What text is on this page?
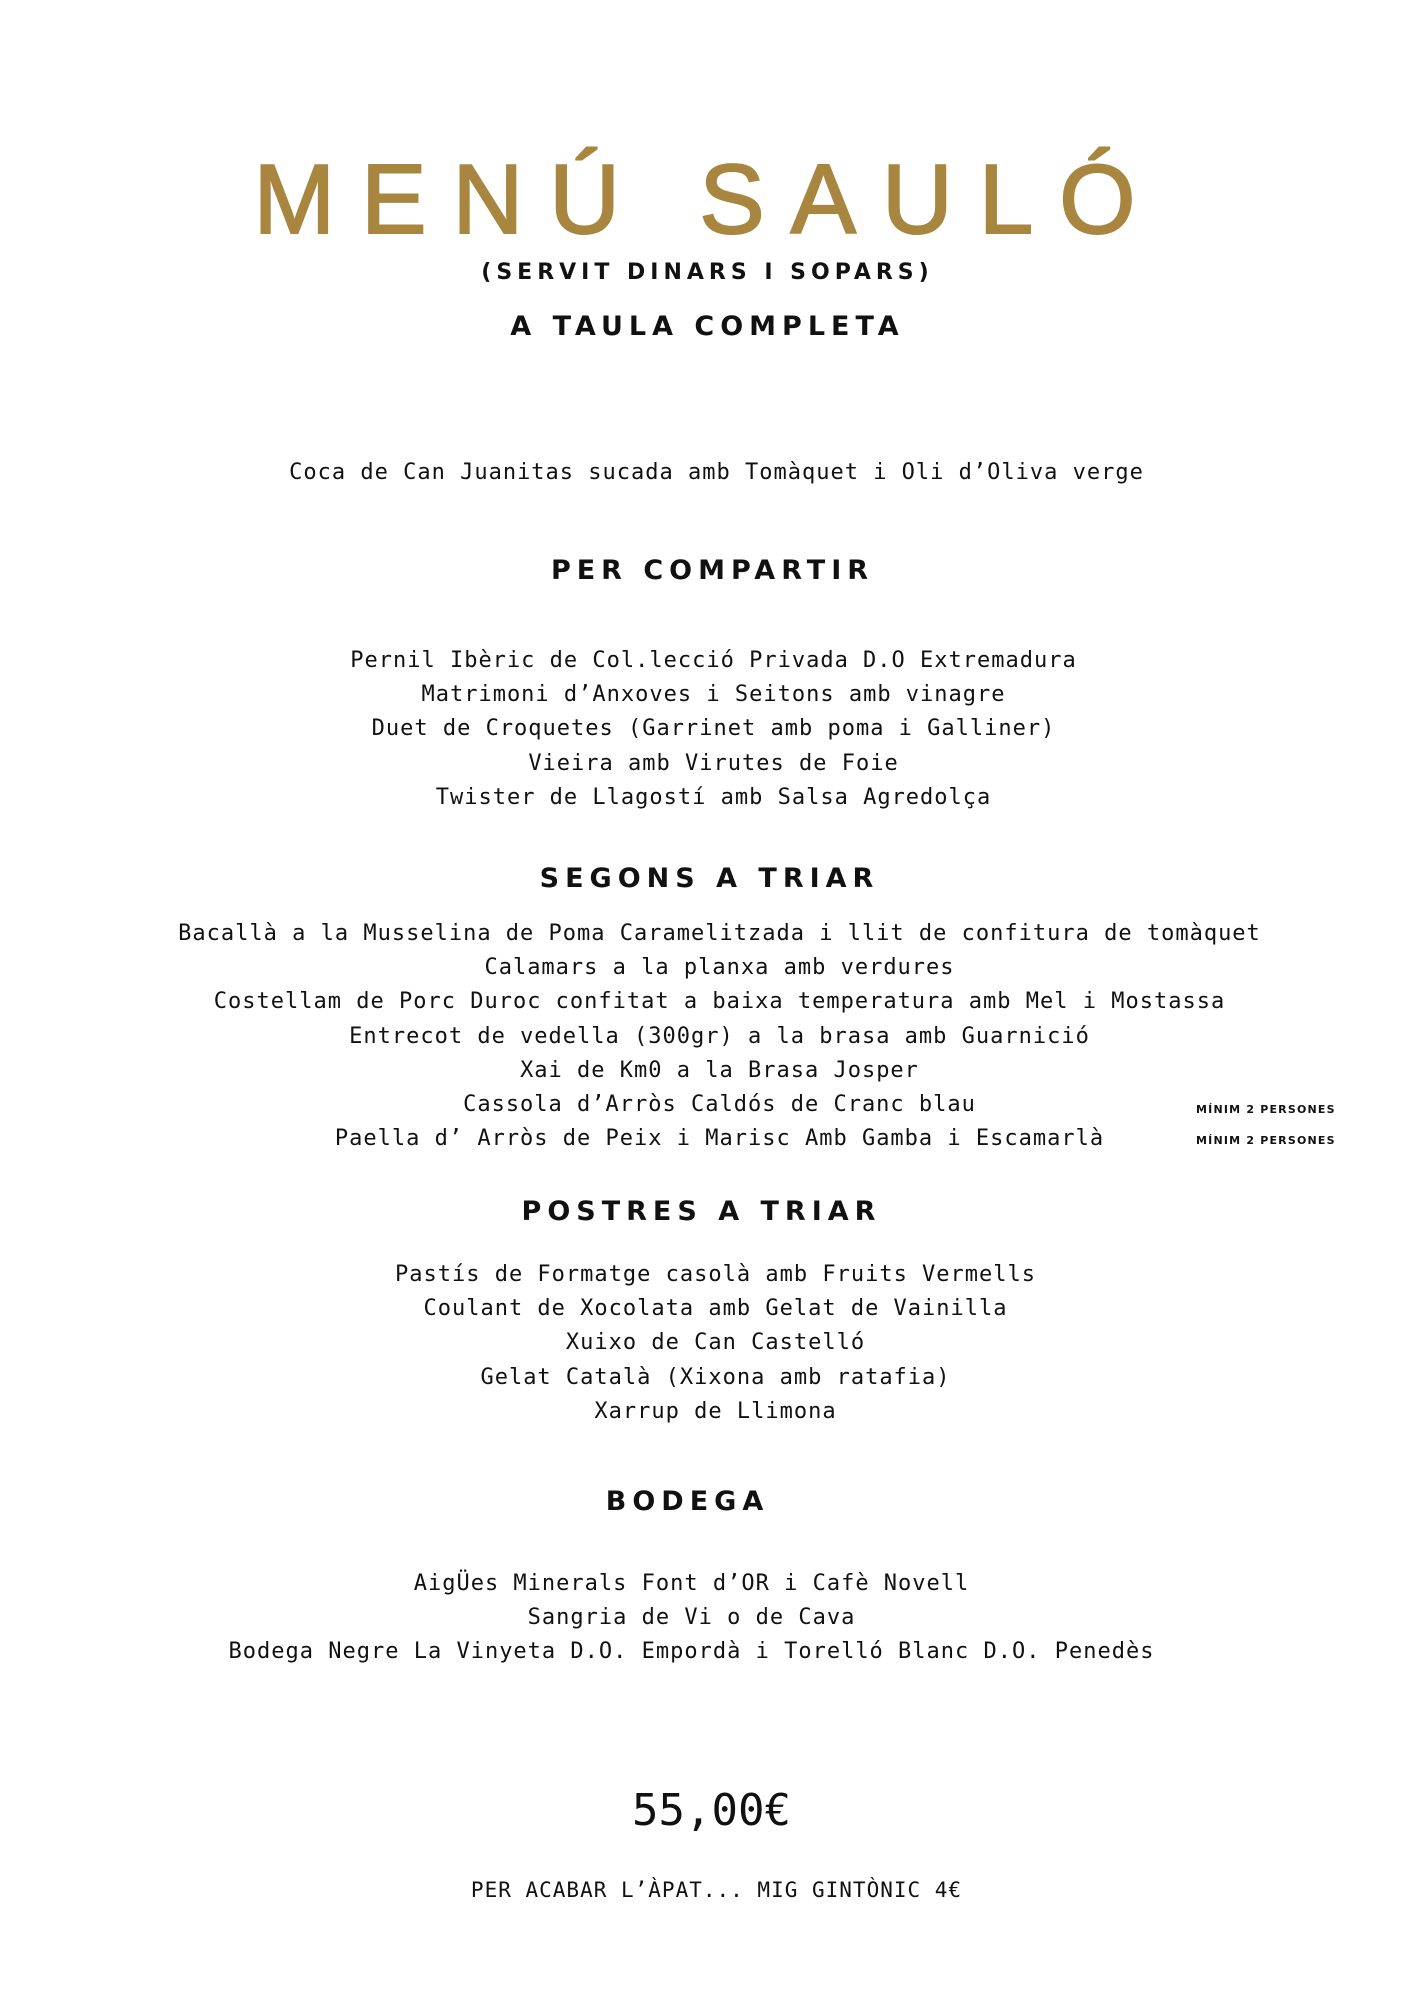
MENÚ SAULÓ
(SERVIT DINARS I SOPARS)
A TAULA COMPLETA
Coca de Can Juanitas sucada amb Tomàquet i Oli d’Oliva verge
PER COMPARTIR
Pernil Ibèric de Col.lecció Privada D.O Extremadura
Matrimoni d’Anxoves i Seitons amb vinagre
Duet de Croquetes (Garrinet amb poma i Galliner)
Vieira amb Virutes de Foie
Twister de Llagostí amb Salsa Agredolça
SEGONS A TRIAR
Bacallà a la Musselina de Poma Caramelitzada i llit de confitura de tomàquet
Calamars a la planxa amb verdures
Costellam de Porc Duroc confitat a baixa temperatura amb Mel i Mostassa
Entrecot de vedella (300gr) a la brasa amb Guarnició
Xai de Km0 a la Brasa Josper
Cassola d’Arròs Caldós de Cranc blau
Paella d’ Arròs de Peix i Marisc Amb Gamba i Escamarlà
MÍNIM 2 PERSONES
MÍNIM 2 PERSONES
POSTRES A TRIAR
Pastís de Formatge casolà amb Fruits Vermells
Coulant de Xocolata amb Gelat de Vainilla
Xuixo de Can Castelló
Gelat Català (Xixona amb ratafia)
Xarrup de Llimona
BODEGA
AigÜes Minerals Font d’OR i Cafè Novell
Sangria de Vi o de Cava
Bodega Negre La Vinyeta D.O. Empordà i Torelló Blanc D.O. Penedès
55,00€
PER ACABAR L’ÀPAT... MIG GINTÒNIC 4€
